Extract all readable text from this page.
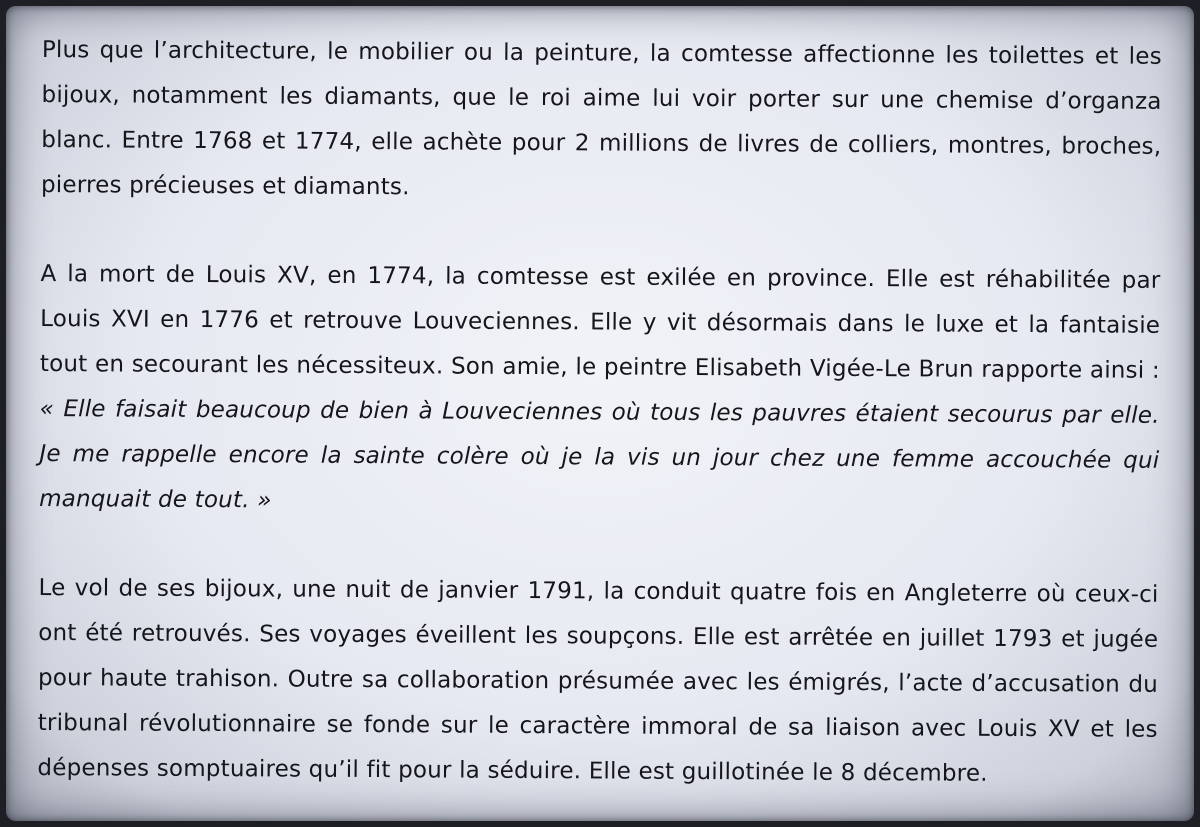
Plus que l’architecture, le mobilier ou la peinture, la comtesse affectionne les toilettes et les bijoux, notamment les diamants, que le roi aime lui voir porter sur une chemise d’organza blanc. Entre 1768 et 1774, elle achète pour 2 millions de livres de colliers, montres, broches, pierres précieuses et diamants.

A la mort de Louis XV, en 1774, la comtesse est exilée en province. Elle est réhabilitée par Louis XVI en 1776 et retrouve Louveciennes. Elle y vit désormais dans le luxe et la fantaisie tout en secourant les nécessiteux. Son amie, le peintre Elisabeth Vigée-Le Brun rapporte ainsi : « Elle faisait beaucoup de bien à Louveciennes où tous les pauvres étaient secourus par elle. Je me rappelle encore la sainte colère où je la vis un jour chez une femme accouchée qui manquait de tout. »

Le vol de ses bijoux, une nuit de janvier 1791, la conduit quatre fois en Angleterre où ceux-ci ont été retrouvés. Ses voyages éveillent les soupçons. Elle est arrêtée en juillet 1793 et jugée pour haute trahison. Outre sa collaboration présumée avec les émigrés, l’acte d’accusation du tribunal révolutionnaire se fonde sur le caractère immoral de sa liaison avec Louis XV et les dépenses somptuaires qu’il fit pour la séduire. Elle est guillotinée le 8 décembre.
